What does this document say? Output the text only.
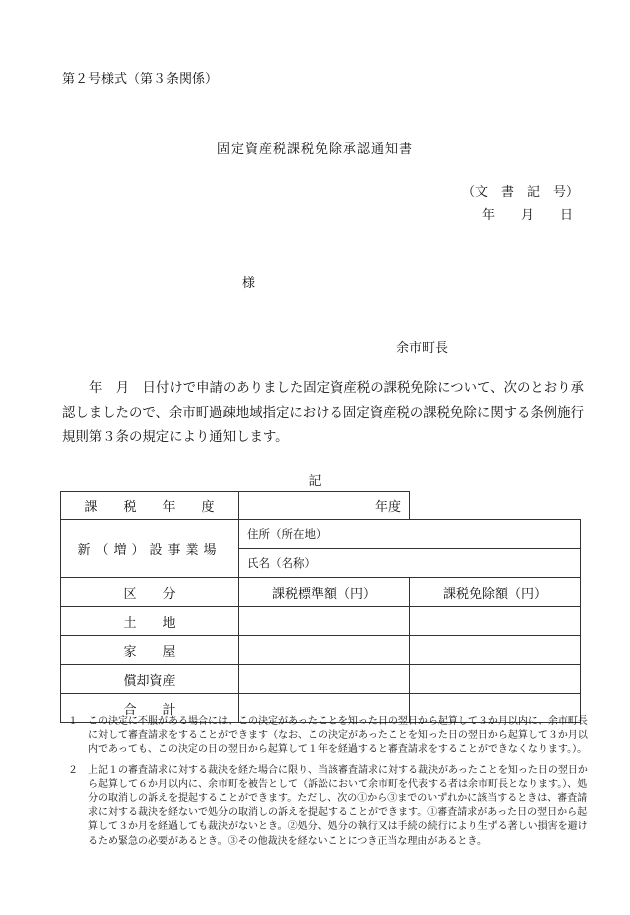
第２号様式（第３条関係）
固定資産税課税免除承認通知書
（文　書　記　号）
年　　月　　日
様
余市町長
年　月　日付けで申請のありました固定資産税の課税免除について、次のとおり承認しましたので、余市町過疎地域指定における固定資産税の課税免除に関する条例施行規則第３条の規定により通知します。
記
課　　税　　年　　度	年度	
新（増）設事業場	住所（所在地）	
	氏名（名称）	
区　　分	課税標準額（円）	課税免除額（円）
土　　地		
家　　屋		
償却資産		
合　　計		
１ この決定に不服がある場合には、この決定があったことを知った日の翌日から起算して３か月以内に、余市町長に対して審査請求をすることができます（なお、この決定があったことを知った日の翌日から起算して３か月以内であっても、この決定の日の翌日から起算して１年を経過すると審査請求をすることができなくなります。）。
２ 上記１の審査請求に対する裁決を経た場合に限り、当該審査請求に対する裁決があったことを知った日の翌日から起算して６か月以内に、余市町を被告として（訴訟において余市町を代表する者は余市町長となります。）、処分の取消しの訴えを提起することができます。ただし、次の①から③までのいずれかに該当するときは、審査請求に対する裁決を経ないで処分の取消しの訴えを提起することができます。①審査請求があった日の翌日から起算して３か月を経過しても裁決がないとき。②処分、処分の執行又は手続の続行により生ずる著しい損害を避けるため緊急の必要があるとき。③その他裁決を経ないことにつき正当な理由があるとき。
